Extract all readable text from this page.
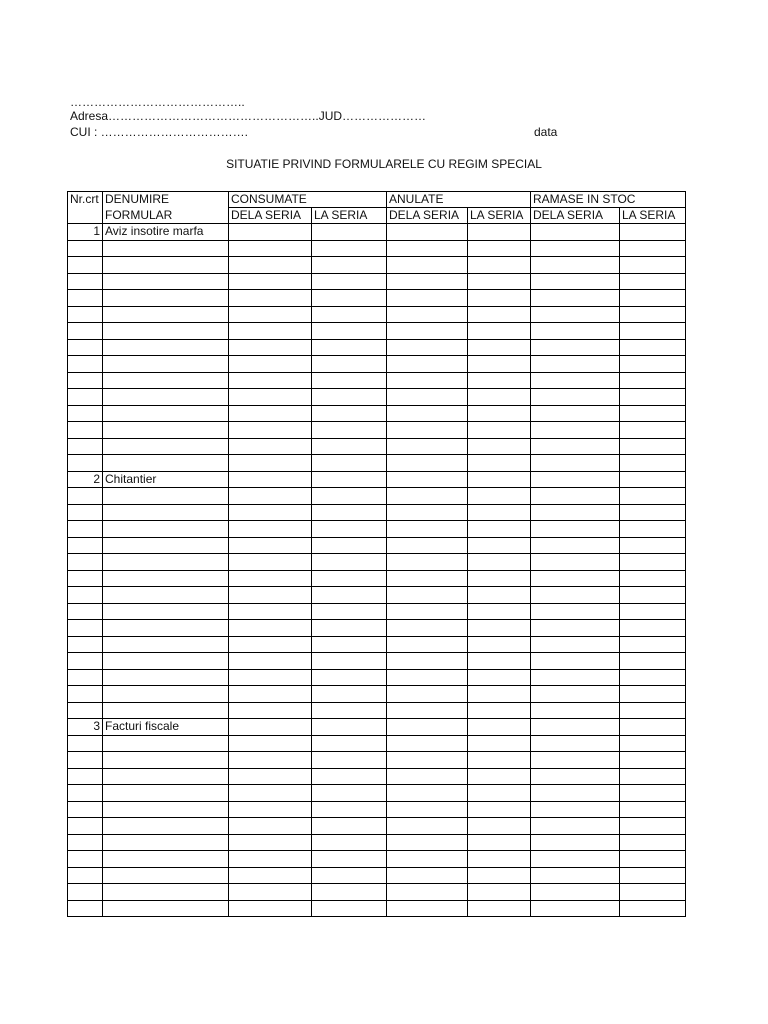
……………………………………..
Adresa……………………………………………..JUD…………………
CUI : ……………………………….	data
SITUATIE PRIVIND FORMULARELE CU REGIM SPECIAL
Nr.crt	DENUMIRE	CONSUMATE		ANULATE		RAMASE IN STOC	
	FORMULAR	DELA SERIA	LA SERIA	DELA SERIA	LA SERIA	DELA SERIA	LA SERIA
1	Aviz insotire marfa						

2	Chitantier						

3	Facturi fiscale						
